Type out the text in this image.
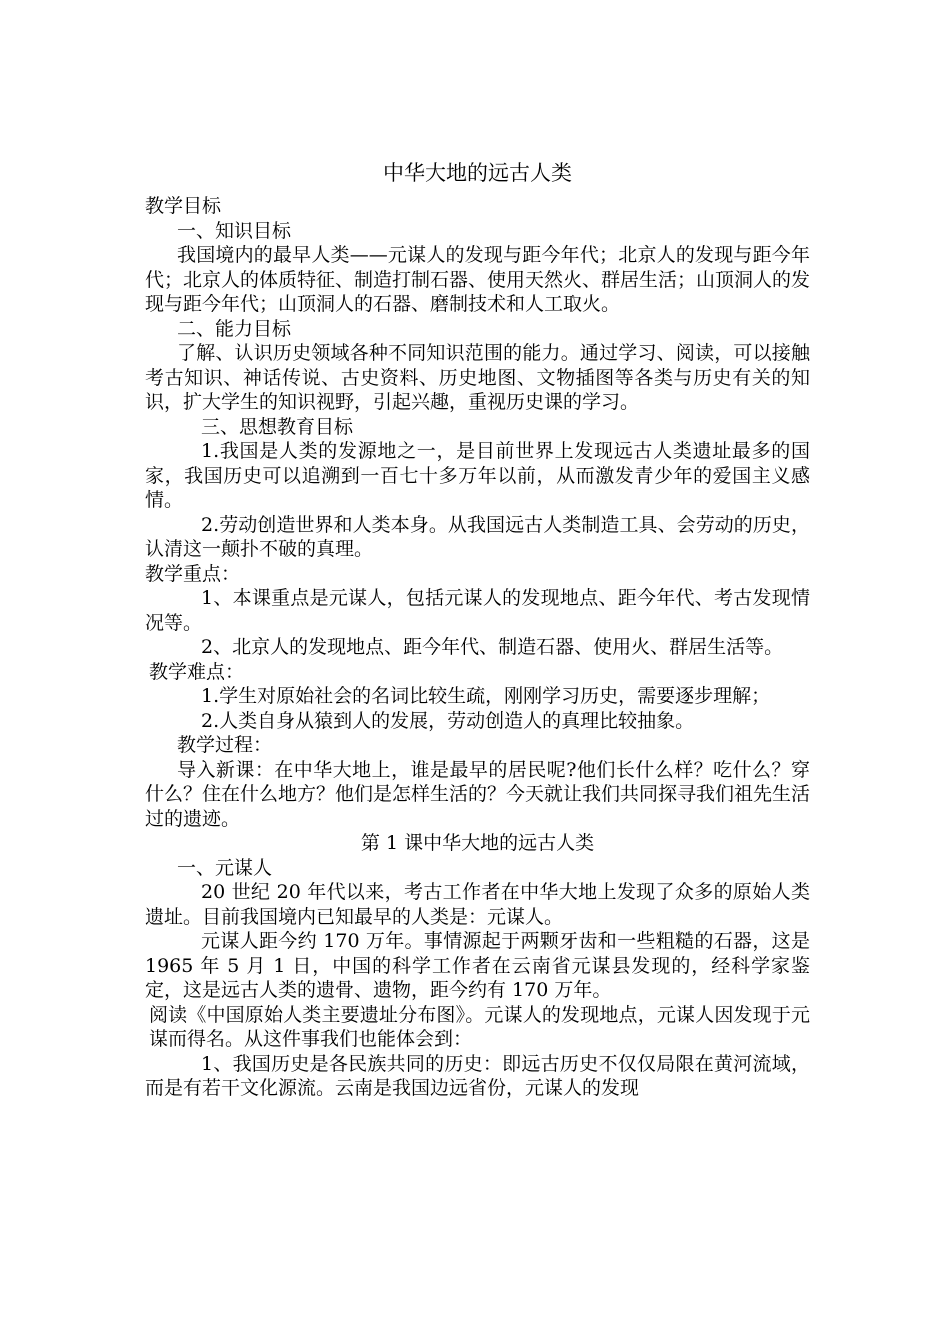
中华大地的远古人类

教学目标

一、知识目标

我国境内的最早人类——元谋人的发现与距今年代；北京人的发现与距今年代；北京人的体质特征、制造打制石器、使用天然火、群居生活；山顶洞人的发现与距今年代；山顶洞人的石器、磨制技术和人工取火。

二、能力目标

了解、认识历史领域各种不同知识范围的能力。通过学习、阅读，可以接触考古知识、神话传说、古史资料、历史地图、文物插图等各类与历史有关的知识，扩大学生的知识视野，引起兴趣，重视历史课的学习。

三、思想教育目标

1.我国是人类的发源地之一，是目前世界上发现远古人类遗址最多的国家，我国历史可以追溯到一百七十多万年以前，从而激发青少年的爱国主义感情。

2.劳动创造世界和人类本身。从我国远古人类制造工具、会劳动的历史，认清这一颠扑不破的真理。

教学重点：

1、本课重点是元谋人，包括元谋人的发现地点、距今年代、考古发现情况等。

2、北京人的发现地点、距今年代、制造石器、使用火、群居生活等。

教学难点：

1.学生对原始社会的名词比较生疏，刚刚学习历史，需要逐步理解；

2.人类自身从猿到人的发展，劳动创造人的真理比较抽象。

教学过程：

导入新课：在中华大地上，谁是最早的居民呢?他们长什么样？吃什么？穿什么？住在什么地方？他们是怎样生活的？今天就让我们共同探寻我们祖先生活过的遗迹。

第 1 课中华大地的远古人类

一、元谋人

20 世纪 20 年代以来，考古工作者在中华大地上发现了众多的原始人类遗址。目前我国境内已知最早的人类是：元谋人。

元谋人距今约 170 万年。事情源起于两颗牙齿和一些粗糙的石器，这是 1965 年 5 月 1 日，中国的科学工作者在云南省元谋县发现的，经科学家鉴定，这是远古人类的遗骨、遗物，距今约有 170 万年。

阅读《中国原始人类主要遗址分布图》。元谋人的发现地点，元谋人因发现于元谋而得名。从这件事我们也能体会到：

1、我国历史是各民族共同的历史：即远古历史不仅仅局限在黄河流域，而是有若干文化源流。云南是我国边远省份，元谋人的发现
